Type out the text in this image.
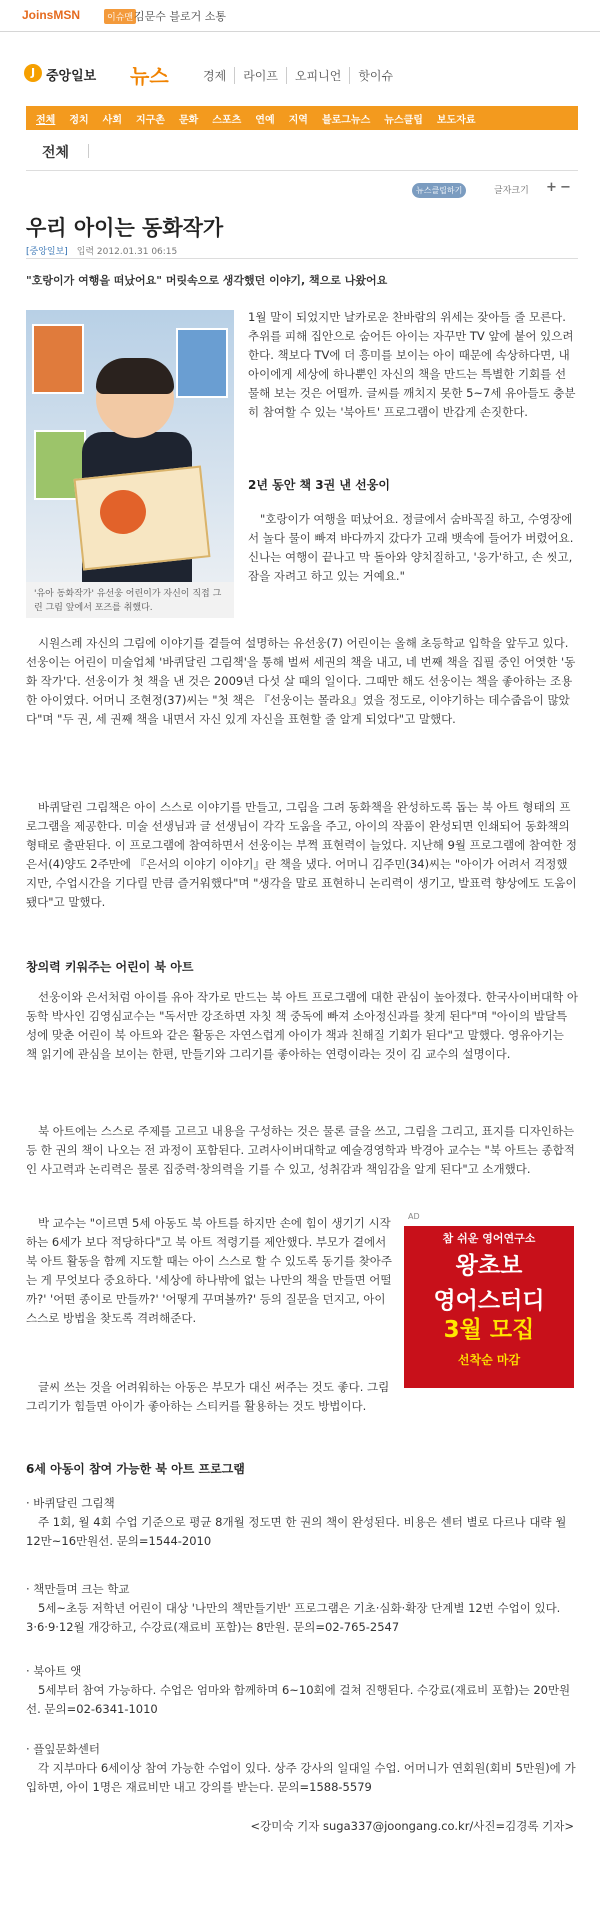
JoinsMSN	이슈맨 김문수 블로거 소통
J 중앙일보 뉴스	경제	라이프	오피니언	핫이슈
전체 정치 사회 지구촌 문화 스포츠 연예 지역 블로그뉴스 뉴스클립 보도자료
전체
뉴스클립하기	글자크기 + −
우리 아이는 동화작가
[중앙일보] 입력 2012.01.31 06:15

"호랑이가 여행을 떠났어요" 머릿속으로 생각했던 이야기, 책으로 나왔어요

'유아 동화작가' 유선웅 어린이가 자신이 직접 그린 그림 앞에서 포즈를 취했다.

1월 말이 되었지만 날카로운 찬바람의 위세는 잦아들 줄 모른다. 추위를 피해 집안으로 숨어든 아이는 자꾸만 TV 앞에 붙어 있으려한다. 책보다 TV에 더 흥미를 보이는 아이 때문에 속상하다면, 내 아이에게 세상에 하나뿐인 자신의 책을 만드는 특별한 기회를 선물해 보는 것은 어떨까. 글씨를 깨치지 못한 5~7세 유아들도 충분히 참여할 수 있는 '북아트' 프로그램이 반갑게 손짓한다.

2년 동안 책 3권 낸 선웅이

"호랑이가 여행을 떠났어요. 정글에서 숨바꼭질 하고, 수영장에서 놀다 물이 빠져 바다까지 갔다가 고래 뱃속에 들어가 버렸어요. 신나는 여행이 끝나고 막 돌아와 양치질하고, '응가'하고, 손 씻고, 잠을 자려고 하고 있는 거예요."

시원스레 자신의 그림에 이야기를 곁들여 설명하는 유선웅(7) 어린이는 올해 초등학교 입학을 앞두고 있다. 선웅이는 어린이 미술업체 '바퀴달린 그림책'을 통해 벌써 세권의 책을 내고, 네 번째 책을 집필 중인 어엿한 '동화 작가'다. 선웅이가 첫 책을 낸 것은 2009년 다섯 살 때의 일이다. 그때만 해도 선웅이는 책을 좋아하는 조용한 아이였다. 어머니 조현정(37)씨는 "첫 책은 『선웅이는 몰라요』였을 정도로, 이야기하는 데수줍음이 많았다"며 "두 권, 세 권째 책을 내면서 자신 있게 자신을 표현할 줄 알게 되었다"고 말했다.

바퀴달린 그림책은 아이 스스로 이야기를 만들고, 그림을 그려 동화책을 완성하도록 돕는 북 아트 형태의 프로그램을 제공한다. 미술 선생님과 글 선생님이 각각 도움을 주고, 아이의 작품이 완성되면 인쇄되어 동화책의 형태로 출판된다. 이 프로그램에 참여하면서 선웅이는 부쩍 표현력이 늘었다. 지난해 9월 프로그램에 참여한 정은서(4)양도 2주만에 『은서의 이야기 이야기』란 책을 냈다. 어머니 김주민(34)씨는 "아이가 어려서 걱정했지만, 수업시간을 기다릴 만큼 즐거워했다"며 "생각을 말로 표현하니 논리력이 생기고, 발표력 향상에도 도움이 됐다"고 말했다.

창의력 키워주는 어린이 북 아트

선웅이와 은서처럼 아이를 유아 작가로 만드는 북 아트 프로그램에 대한 관심이 높아졌다. 한국사이버대학 아동학 박사인 김영심교수는 "독서만 강조하면 자칫 책 중독에 빠져 소아정신과를 찾게 된다"며 "아이의 발달특성에 맞춘 어린이 북 아트와 같은 활동은 자연스럽게 아이가 책과 친해질 기회가 된다"고 말했다. 영유아기는 책 읽기에 관심을 보이는 한편, 만들기와 그리기를 좋아하는 연령이라는 것이 김 교수의 설명이다.

북 아트에는 스스로 주제를 고르고 내용을 구성하는 것은 물론 글을 쓰고, 그림을 그리고, 표지를 디자인하는 등 한 권의 책이 나오는 전 과정이 포함된다. 고려사이버대학교 예술경영학과 박경아 교수는 "북 아트는 종합적인 사고력과 논리력은 물론 집중력·창의력을 기를 수 있고, 성취감과 책임감을 알게 된다"고 소개했다.

박 교수는 "이르면 5세 아동도 북 아트를 하지만 손에 힘이 생기기 시작하는 6세가 보다 적당하다"고 북 아트 적령기를 제안했다. 부모가 곁에서 북 아트 활동을 함께 지도할 때는 아이 스스로 할 수 있도록 동기를 찾아주는 게 무엇보다 중요하다. '세상에 하나밖에 없는 나만의 책을 만들면 어떨까?' '어떤 종이로 만들까?' '어떻게 꾸며볼까?' 등의 질문을 던지고, 아이 스스로 방법을 찾도록 격려해준다.

글씨 쓰는 것을 어려워하는 아동은 부모가 대신 써주는 것도 좋다. 그림 그리기가 힘들면 아이가 좋아하는 스티커를 활용하는 것도 방법이다.

AD
참 쉬운 영어연구소
왕초보
영어스터디
3월 모집
선착순 마감

6세 아동이 참여 가능한 북 아트 프로그램

· 바퀴달린 그림책
주 1회, 월 4회 수업 기준으로 평균 8개월 정도면 한 권의 책이 완성된다. 비용은 센터 별로 다르나 대략 월 12만~16만원선. 문의=1544-2010
· 책만들며 크는 학교
5세~초등 저학년 어린이 대상 '나만의 책만들기반' 프로그램은 기초·심화·확장 단계별 12번 수업이 있다. 3·6·9·12월 개강하고, 수강료(재료비 포함)는 8만원. 문의=02-765-2547
· 북아트 앳
5세부터 참여 가능하다. 수업은 엄마와 함께하며 6~10회에 걸쳐 진행된다. 수강료(재료비 포함)는 20만원선. 문의=02-6341-1010
· 플잎문화센터
각 지부마다 6세이상 참여 가능한 수업이 있다. 상주 강사의 일대일 수업. 어머니가 연회원(회비 5만원)에 가입하면, 아이 1명은 재료비만 내고 강의를 받는다. 문의=1588-5579

<강미숙 기자 suga337@joongang.co.kr/사진=김경록 기자>
